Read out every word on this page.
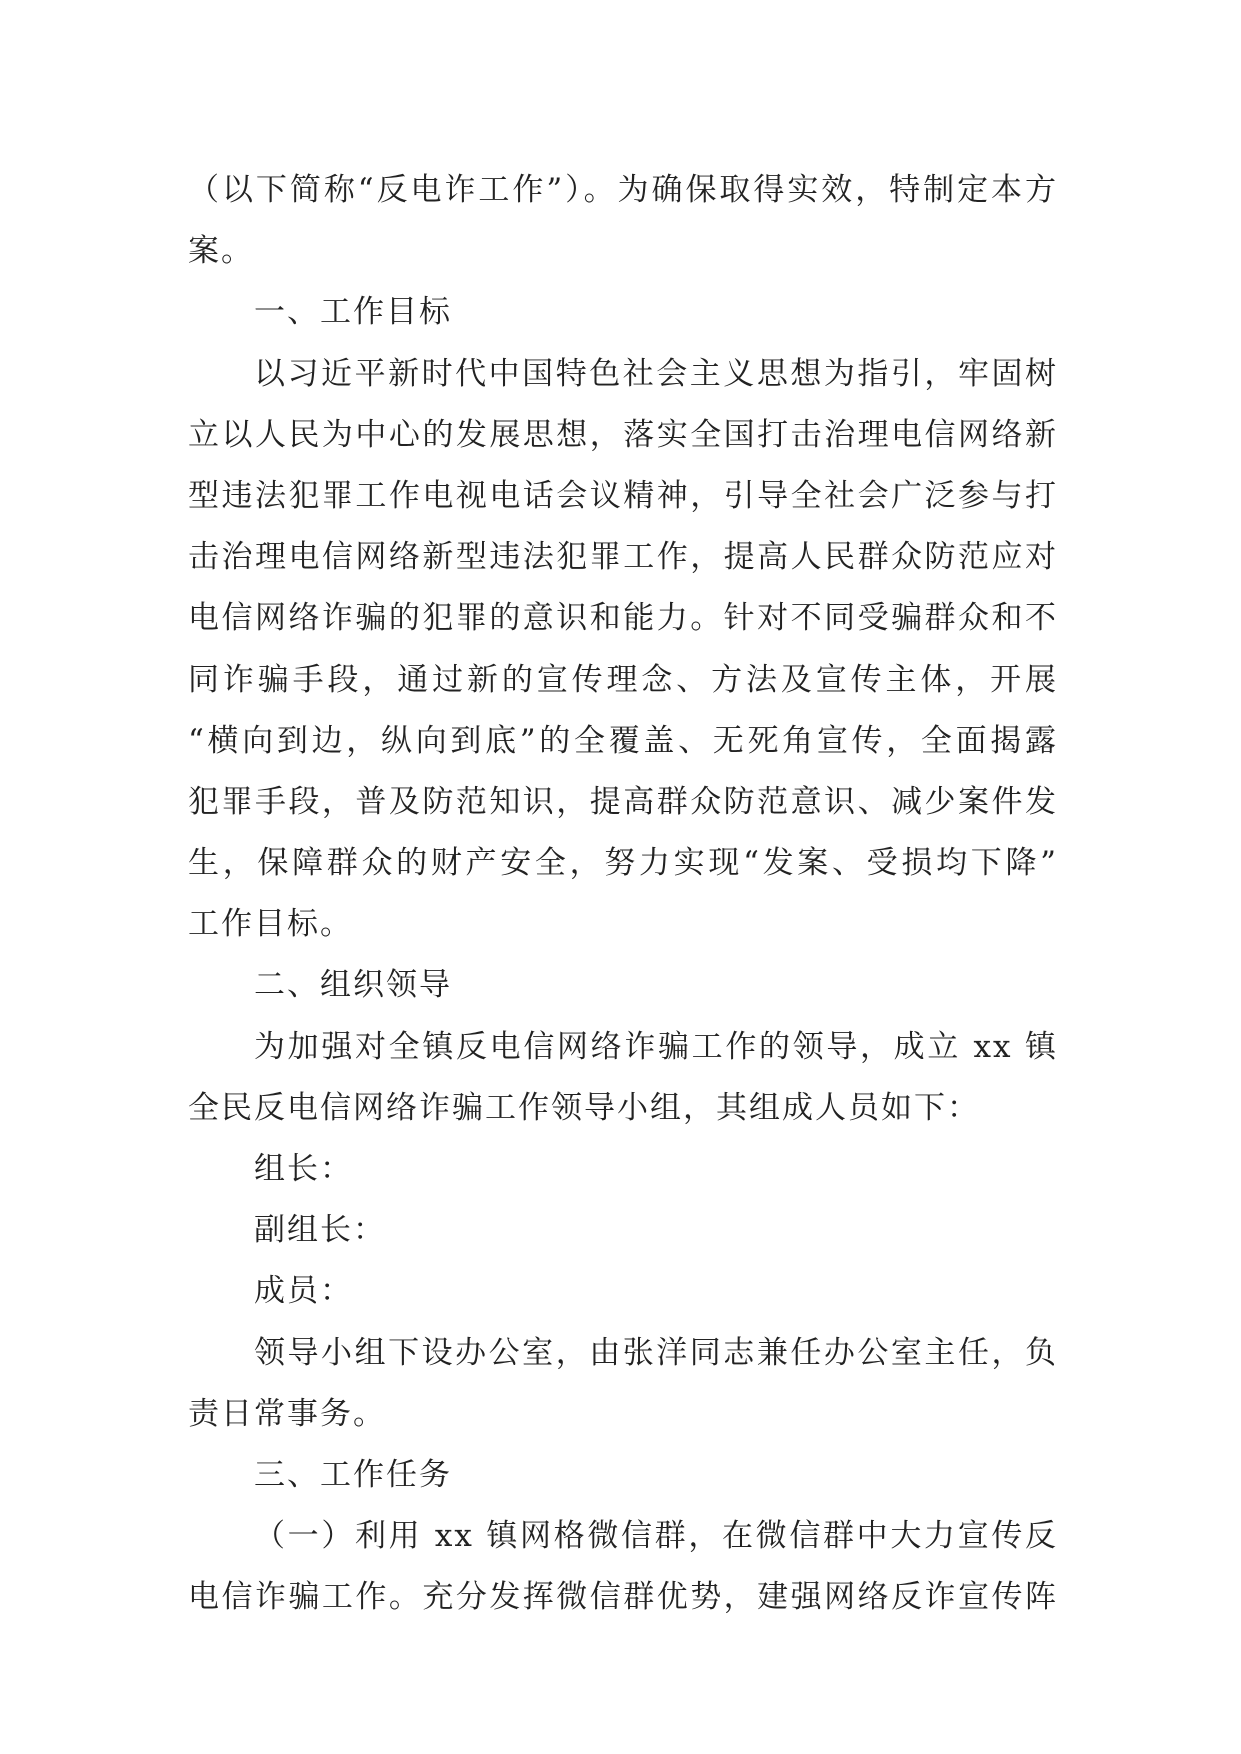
（以下简称“反电诈工作”）。为确保取得实效，特制定本方
案。
一、工作目标
以习近平新时代中国特色社会主义思想为指引，牢固树
立以人民为中心的发展思想，落实全国打击治理电信网络新
型违法犯罪工作电视电话会议精神，引导全社会广泛参与打
击治理电信网络新型违法犯罪工作，提高人民群众防范应对
电信网络诈骗的犯罪的意识和能力。针对不同受骗群众和不
同诈骗手段，通过新的宣传理念、方法及宣传主体，开展
“横向到边，纵向到底”的全覆盖、无死角宣传，全面揭露
犯罪手段，普及防范知识，提高群众防范意识、减少案件发
生，保障群众的财产安全，努力实现“发案、受损均下降”
工作目标。
二、组织领导
为加强对全镇反电信网络诈骗工作的领导，成立 xx 镇
全民反电信网络诈骗工作领导小组，其组成人员如下：
组长：
副组长：
成员：
领导小组下设办公室，由张洋同志兼任办公室主任，负
责日常事务。
三、工作任务
（一）利用 xx 镇网格微信群，在微信群中大力宣传反
电信诈骗工作。充分发挥微信群优势，建强网络反诈宣传阵
